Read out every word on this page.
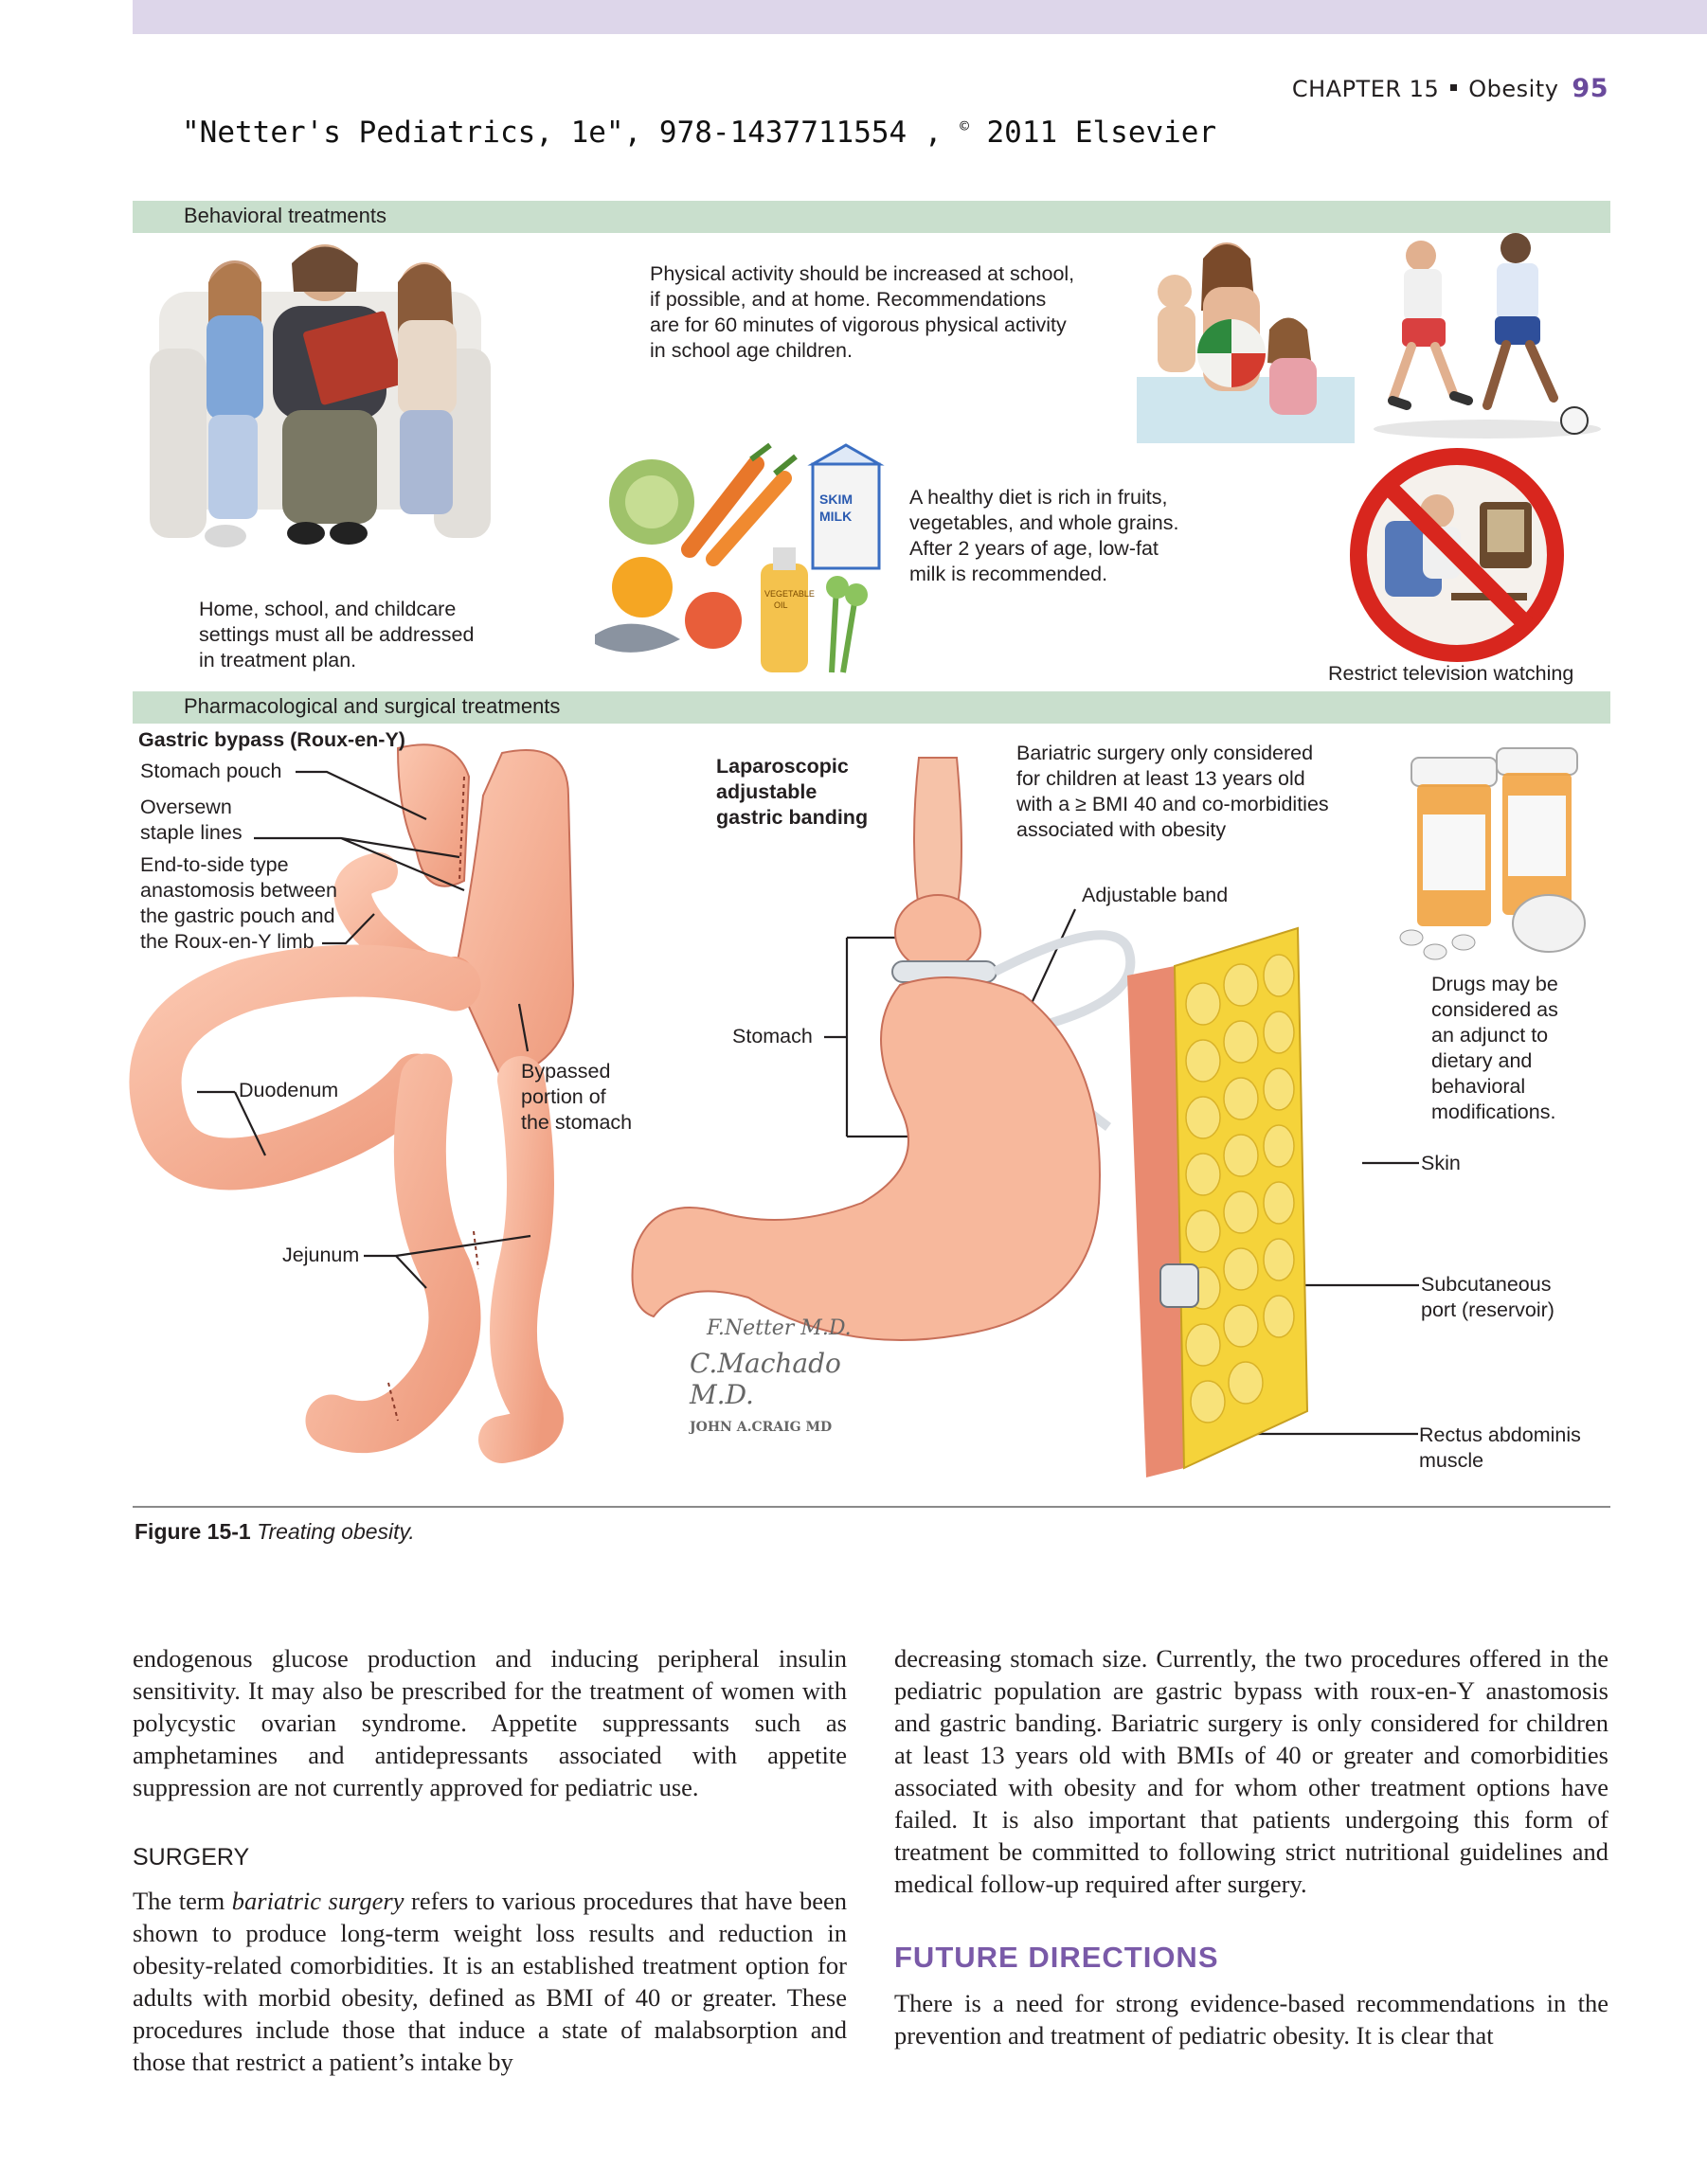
CHAPTER 15 Obesity 95
"Netter's Pediatrics, 1e", 978-1437711554 , © 2011 Elsevier
Behavioral treatments
Home, school, and childcare
settings must all be addressed
in treatment plan.
Physical activity should be increased at school,
if possible, and at home. Recommendations
are for 60 minutes of vigorous physical activity
in school age children.
SKIM
MILK
VEGETABLE
OIL
A healthy diet is rich in fruits,
vegetables, and whole grains.
After 2 years of age, low-fat
milk is recommended.
Restrict television watching
Pharmacological and surgical treatments
Gastric bypass (Roux-en-Y)
Stomach pouch
Oversewn
staple lines
End-to-side type
anastomosis between
the gastric pouch and
the Roux-en-Y limb
Duodenum
Bypassed
portion of
the stomach
Jejunum
Laparoscopic
adjustable
gastric banding
Bariatric surgery only considered
for children at least 13 years old
with a ≥ BMI 40 and co-morbidities
associated with obesity
Adjustable band
Stomach
Drugs may be
considered as
an adjunct to
dietary and
behavioral
modifications.
Skin
Subcutaneous
port (reservoir)
Rectus abdominis
muscle
F.Netter M.D.
C.Machado M.D.
JOHN A.CRAIG MD
Figure 15-1 Treating obesity.

endogenous glucose production and inducing peripheral insulin sensitivity. It may also be prescribed for the treatment of women with polycystic ovarian syndrome. Appetite suppressants such as amphetamines and antidepressants associated with appetite suppression are not currently approved for pediatric use.

SURGERY

The term bariatric surgery refers to various procedures that have been shown to produce long-term weight loss results and reduction in obesity-related comorbidities. It is an established treatment option for adults with morbid obesity, defined as BMI of 40 or greater. These procedures include those that induce a state of malabsorption and those that restrict a patient’s intake by

decreasing stomach size. Currently, the two procedures offered in the pediatric population are gastric bypass with roux-en-Y anastomosis and gastric banding. Bariatric surgery is only considered for children at least 13 years old with BMIs of 40 or greater and comorbidities associated with obesity and for whom other treatment options have failed. It is also important that patients undergoing this form of treatment be committed to following strict nutritional guidelines and medical follow-up required after surgery.

FUTURE DIRECTIONS

There is a need for strong evidence-based recommendations in the prevention and treatment of pediatric obesity. It is clear that
